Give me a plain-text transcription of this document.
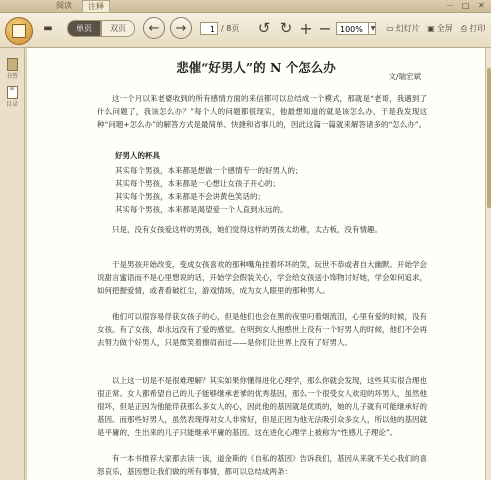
阅读	注释	－ □ ✕
▬	单页 双页 ← →	1 / 8页 ↺ ↻ + −	100%	▼ ▭ 幻灯片 ▣ 全屏 ⎙ 打印
书签
≡
目录
悲催“好男人”的 N 个怎么办
文/瑞宏斌

这一个月以来老婆收到的所有感情方面的来信都可以总结成一个模式，那就是“老哥，我遇到了什么问题了，我该怎么办？”每个人的问题都很现实，他最想知道的就是该怎么办，于是我发现这种“问题+怎么办”的解答方式是最简单、快捷和省事儿的，因此这篇一篇就来解答诸多的“怎么办”。

好男人的杯具

其实每个男孩，本来都是想做一个感情专一的好男人的；

其实每个男孩，本来都是一心想让女孩子开心的；

其实每个男孩，本来都是不会讲黄色笑话的；

其实每个男孩，本来都是渴望爱一个人直到永远的。

只是，没有女孩爱这样的男孩，她们觉得这样的男孩太幼稚，太古板，没有情趣。

于是男孩开始改变，变成女孩喜欢的那种嘴角挂着坏坏的笑，玩世不恭或者自大幽默。开始学会说甜言蜜语而不是心里想说的话，开始学会假装关心，学会给女孩送小饰物讨好她，学会如何追求，如何把握爱情，或者看破红尘，游戏情场，成为女人眼里的那种男人。

他们可以很容易俘获女孩子的心，但是他们也会在黑的夜里叼着烟流泪，心里有爱的时候，没有女孩。有了女孩，却永远没有了爱的感觉。在明到女人抱憨世上没有一个好男人的时候，他们不会再去努力做个好男人，只是微笑着擦肩而过——是你们让世界上没有了好男人。

以上这一切是不是很难理解？其实如果你懂得进化心理学，那么你就会发现，这些其实很合理也很正常。女人都希望自己的儿子能够继承老爹的优秀基因，那么一个很受女人欢迎的坏男人，虽然他很坏，但是正因为他能俘获那么多女人的心，因此他的基因就是优质的，她的儿子就有可能继承好的基因。而那些好男人，虽然表现得对女人非常好，但是正因为他无法吸引众多女人，所以他的基因就是平庸的，生出来的儿子只能继承平庸的基因。这在进化心理学上被称为“性感儿子理论”。

有一本书推荐大家都去读一读，道金斯的《自私的基因》告诉我们，基因从来就不关心我们的喜怒哀乐，基因想让我们做的所有事情，都可以总结成两条：
